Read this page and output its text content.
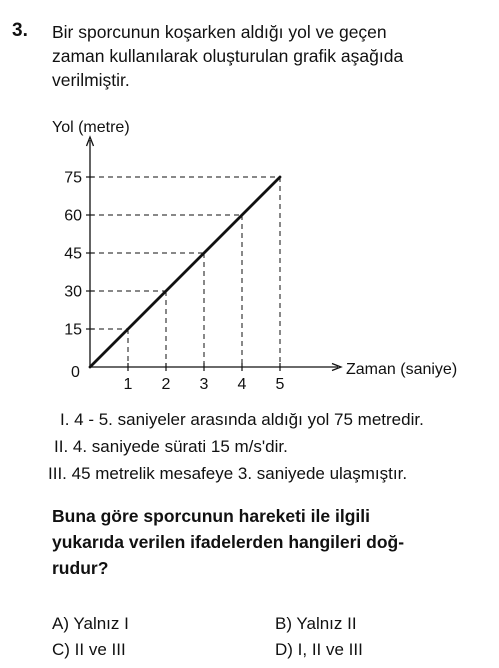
3. Bir sporcunun koşarken aldığı yol ve geçen
zaman kullanılarak oluşturulan grafik aşağıda
verilmiştir.
15
30
45
60
75
1 2 3 4 5
Yol (metre)
Zaman (saniye)
0
I. 4 - 5. saniyeler arasında aldığı yol 75 metredir.
II. 4. saniyede sürati 15 m/s'dir.
III. 45 metrelik mesafeye 3. saniyede ulaşmıştır.
Buna göre sporcunun hareketi ile ilgili
yukarıda verilen ifadelerden hangileri doğ-
rudur?
A) Yalnız I	B) Yalnız II
C) II ve III	D) I, II ve III
